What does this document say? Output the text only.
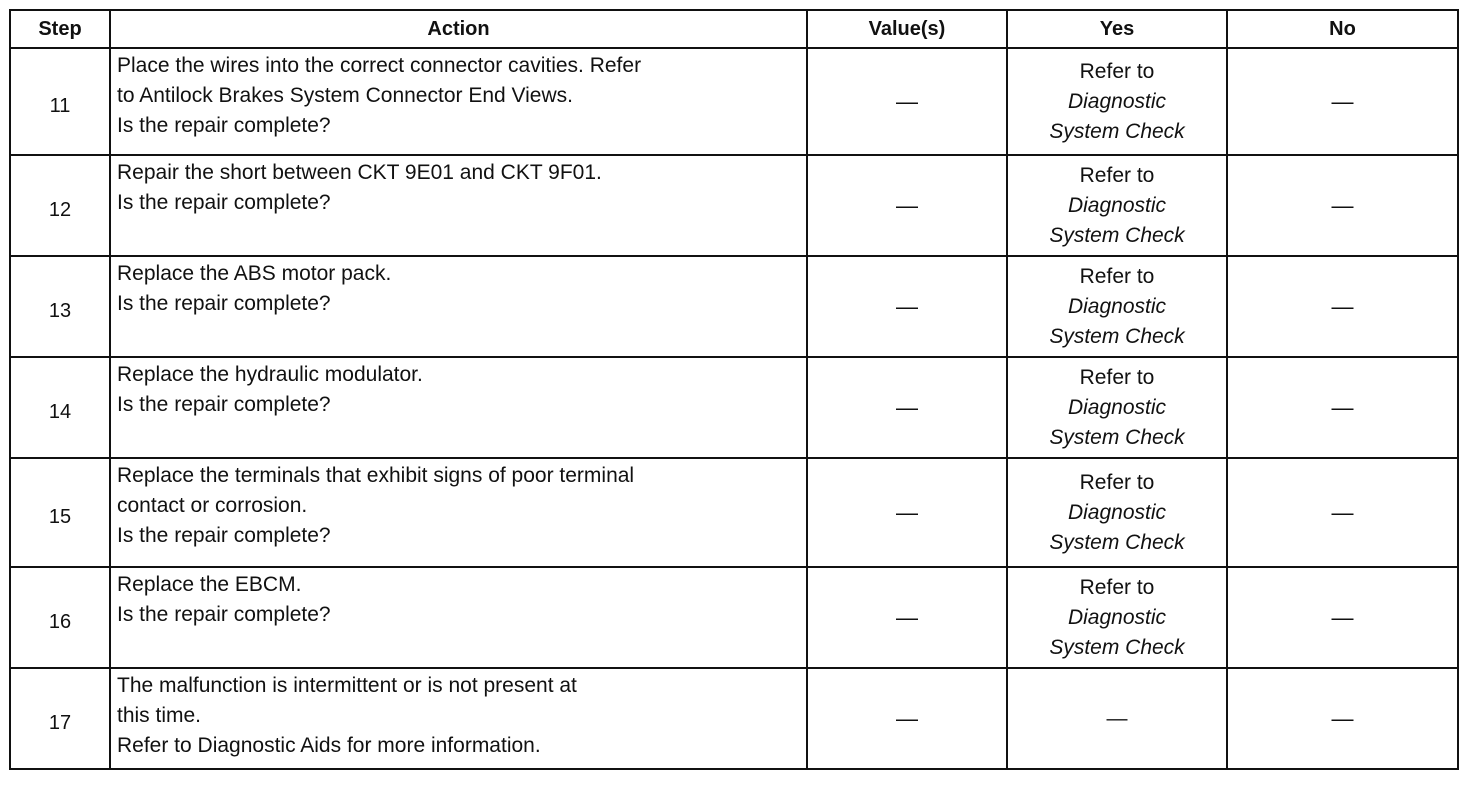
Step	Action	Value(s)	Yes	No
11	Place the wires into the correct connector cavities. Refer
to Antilock Brakes System Connector End Views.
Is the repair complete?	—	Refer to
Diagnostic
System Check	—
12	Repair the short between CKT 9E01 and CKT 9F01.
Is the repair complete?	—	Refer to
Diagnostic
System Check	—
13	Replace the ABS motor pack.
Is the repair complete?	—	Refer to
Diagnostic
System Check	—
14	Replace the hydraulic modulator.
Is the repair complete?	—	Refer to
Diagnostic
System Check	—
15	Replace the terminals that exhibit signs of poor terminal
contact or corrosion.
Is the repair complete?	—	Refer to
Diagnostic
System Check	—
16	Replace the EBCM.
Is the repair complete?	—	Refer to
Diagnostic
System Check	—
17	The malfunction is intermittent or is not present at
this time.
Refer to Diagnostic Aids for more information.	—	—	—
